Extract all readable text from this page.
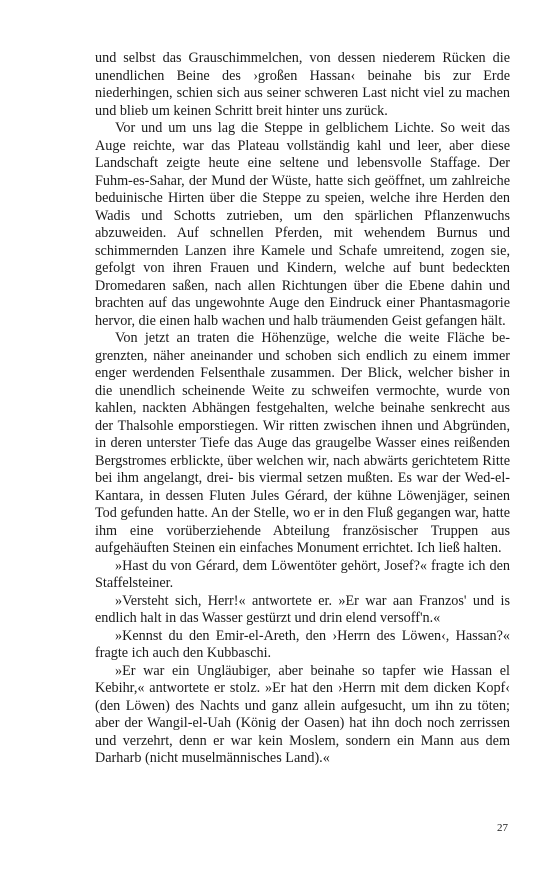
und selbst das Grauschimmelchen, von dessen niederem Rücken die unendlichen Beine des ›großen Hassan‹ beinahe bis zur Erde niederhingen, schien sich aus seiner schweren Last nicht viel zu machen und blieb um keinen Schritt breit hinter uns zurück.

Vor und um uns lag die Steppe in gelblichem Lichte. So weit das Auge reichte, war das Plateau vollständig kahl und leer, aber diese Landschaft zeigte heute eine seltene und lebensvolle Staffage. Der Fuhm-es-Sahar, der Mund der Wüste, hatte sich geöffnet, um zahlreiche beduinische Hirten über die Steppe zu speien, welche ihre Herden den Wadis und Schotts zutrieben, um den spärlichen Pflanzenwuchs abzuweiden. Auf schnellen Pferden, mit wehendem Burnus und schimmernden Lanzen ihre Kamele und Schafe umreitend, zogen sie, gefolgt von ihren Frauen und Kindern, welche auf bunt bedeckten Dromedaren saßen, nach allen Richtungen über die Ebene dahin und brachten auf das ungewohnte Auge den Eindruck einer Phantasmagorie hervor, die einen halb wachen und halb träumenden Geist gefangen hält.

Von jetzt an traten die Höhenzüge, welche die weite Fläche begrenzten, näher aneinander und schoben sich endlich zu einem immer enger werdenden Felsenthale zusammen. Der Blick, welcher bisher in die unendlich scheinende Weite zu schweifen vermochte, wurde von kahlen, nackten Abhängen festgehalten, welche beinahe senkrecht aus der Thalsohle emporstiegen. Wir ritten zwischen ihnen und Abgründen, in deren unterster Tiefe das Auge das graugelbe Wasser eines reißenden Bergstromes erblickte, über welchen wir, nach abwärts gerichtetem Ritte bei ihm angelangt, drei- bis viermal setzen mußten. Es war der Wed-el-Kantara, in dessen Fluten Jules Gérard, der kühne Löwenjäger, seinen Tod gefunden hatte. An der Stelle, wo er in den Fluß gegangen war, hatte ihm eine vorüberziehende Abteilung französischer Truppen aus aufgehäuften Steinen ein einfaches Monument errichtet. Ich ließ halten.

»Hast du von Gérard, dem Löwentöter gehört, Josef?« fragte ich den Staffelsteiner.

»Versteht sich, Herr!« antwortete er. »Er war aan Franzos' und is endlich halt in das Wasser gestürzt und drin elend versoff'n.«

»Kennst du den Emir-el-Areth, den ›Herrn des Löwen‹, Hassan?« fragte ich auch den Kubbaschi.

»Er war ein Ungläubiger, aber beinahe so tapfer wie Hassan el Kebihr,« antwortete er stolz. »Er hat den ›Herrn mit dem dicken Kopf‹ (den Löwen) des Nachts und ganz allein aufgesucht, um ihn zu töten; aber der Wangil-el-Uah (König der Oasen) hat ihn doch noch zerrissen und verzehrt, denn er war kein Moslem, sondern ein Mann aus dem Darharb (nicht muselmännisches Land).«

27
